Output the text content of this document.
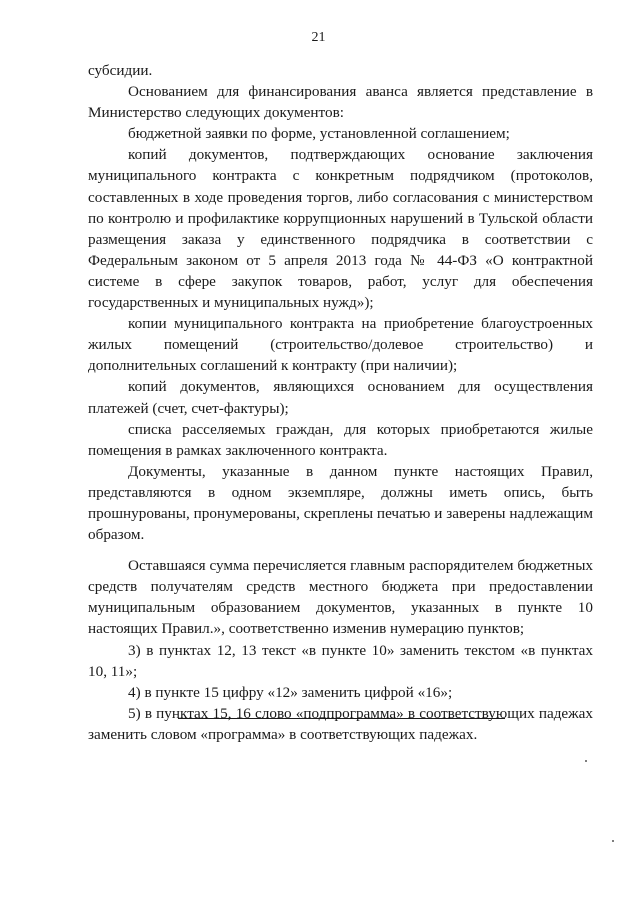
21

субсидии.

Основанием для финансирования аванса является представление в Министерство следующих документов:

бюджетной заявки по форме, установленной соглашением;

копий документов, подтверждающих основание заключения муниципального контракта с конкретным подрядчиком (протоколов, составленных в ходе проведения торгов, либо согласования с министерством по контролю и профилактике коррупционных нарушений в Тульской области размещения заказа у единственного подрядчика в соответствии с Федеральным законом от 5 апреля 2013 года № 44-ФЗ «О контрактной системе в сфере закупок товаров, работ, услуг для обеспечения государственных и муниципальных нужд»);

копии муниципального контракта на приобретение благоустроенных жилых помещений (строительство/долевое строительство) и дополнительных соглашений к контракту (при наличии);

копий документов, являющихся основанием для осуществления платежей (счет, счет-фактуры);

списка расселяемых граждан, для которых приобретаются жилые помещения в рамках заключенного контракта.

Документы, указанные в данном пункте настоящих Правил, представляются в одном экземпляре, должны иметь опись, быть прошнурованы, пронумерованы, скреплены печатью и заверены надлежащим образом.

Оставшаяся сумма перечисляется главным распорядителем бюджетных средств получателям средств местного бюджета при предоставлении муниципальным образованием документов, указанных в пункте 10 настоящих Правил.», соответственно изменив нумерацию пунктов;

3) в пунктах 12, 13 текст «в пункте 10» заменить текстом «в пунктах 10, 11»;

4) в пункте 15 цифру «12» заменить цифрой «16»;

5) в пунктах 15, 16 слово «подпрограмма» в соответствующих падежах заменить словом «программа» в соответствующих падежах.
